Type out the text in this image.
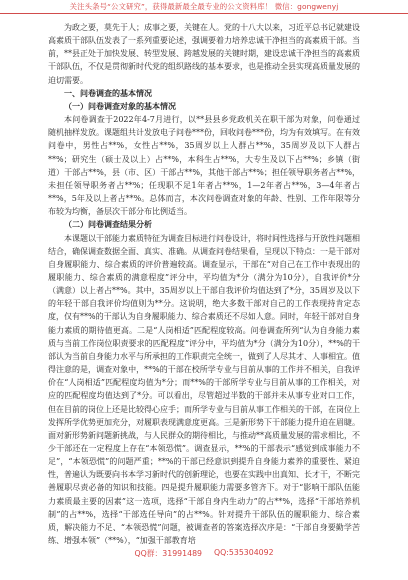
关注头条号“公文研究”，获得最新最全最专业的公文资料库！ 微信：gongwenyj

为政之要，莫先于人；成事之要，关键在人。党的十八大以来，习近平总书记就建设高素质干部队伍发表了一系列重要论述，强调要着力培养忠诚干净担当的高素质干部。当前，**县正处于加快发展、转型发展、跨越发展的关键时期，建设忠诚干净担当的高素质干部队伍，不仅是贯彻新时代党的组织路线的基本要求，也是推动全县实现高质量发展的迫切需要。

一、问卷调查的基本情况

（一）问卷调查对象的基本情况

本问卷调查于2022年4-7月进行，以**县县乡党政机关在职干部为对象，问卷通过随机抽样发放。课题组共计发放电子问卷***份，回收问卷***份，均为有效填写。在有效问卷中，男性占**%，女性占**%，35周岁以上人群占**%，35周岁及以下人群占**%；研究生（硕士及以上）占**%，本科生占**%，大专生及以下占**%；乡镇（街道）干部占**%，县（市、区）干部占**%，其他干部占**%；担任领导职务者占**%，未担任领导职务者占**%；任现职不足1年者占**%，1—2年者占**%，3—4年者占**%，5年及以上者占**%。总体而言，本次问卷调查对象的年龄、性别、工作年限等分布较为均衡，备层次干部分布比例适当。

（二）问卷调查结果分析

本课题以干部能力素质特征为调查目标进行问卷设计，将时间性选择与开放性问题相结合，确保调查数据全面、真实、准确。从调查问卷结果看，呈现以下特点：一是干部对自身履职能力、综合素质的评价普遍较高。调查显示，干部在“对自己在工作中表现出的履职能力、综合素质的满意程度”评分中，平均值为*分（满分为10分），自我评价*分（满意）以上者占**%。其中，35周岁以上干部自我评价均值达到了*分，35周岁及以下的年轻干部自我评价均值则为**分。这说明，绝大多数干部对自己的工作表现持肯定态度，仅有**%的干部认为自身履职能力、综合素质还不尽如人意。同时，年轻干部对自身能力素质的期待值更高。二是“人岗相适”匹配程度较高。问卷调查所列“认为自身能力素质与当前工作岗位职责要求的匹配程度”评分中，平均值为*分（满分为10分），**%的干部认为当前自身能力水平与所承担的工作职责完全统一，做到了人尽其才、人事相宜。值得注意的是，调查对象中，**%的干部在校所学专业与目前从事的工作并不相关，自我评价在“人岗相适”匹配程度均值为*分；而**%的干部所学专业与目前从事的工作相关，对应的匹配程度均值达到了*分。可以看出，尽管超过半数的干部并未从事专业对口工作，但在目前的岗位上还是比较得心应手；而所学专业与目前从事工作相关的干部，在岗位上发挥所学优势更加充分，对履职表现满意度更高。三是新形势下干部能力提升迫在眉睫。面对新形势新问题新挑战，与人民群众的期待相比，与推动**高质量发展的需求相比，不少干部还在一定程度上存在“本领恐慌”。调查显示，**%的干部表示“感觉到成事能力不足”，“本领恐慌”的问题严重；**%的干部已经意识到提升自身能力素养的重要性、紧迫性，普遍认为既要向书本学习新时代的创新理论，也要在实践中出真知、长才干，不断完善履职尽责必备的知识和技能。四是提升履职能力需要多管齐下。对于“影响干部队伍能力素质最主要的因素”这一选项，选择“干部自身内生动力”的占**%，选择“干部培养机制”的占**%，选择“干部选任导向”的占**%。针对提升干部队伍的履职能力、综合素质，解决能力不足、“本领恐慌”问题，被调查者的答案选择次序是：“干部自身要勤学苦练、增强本领”（**%），“加强干部教育培

QQ群：31991489 QQ:535304092
